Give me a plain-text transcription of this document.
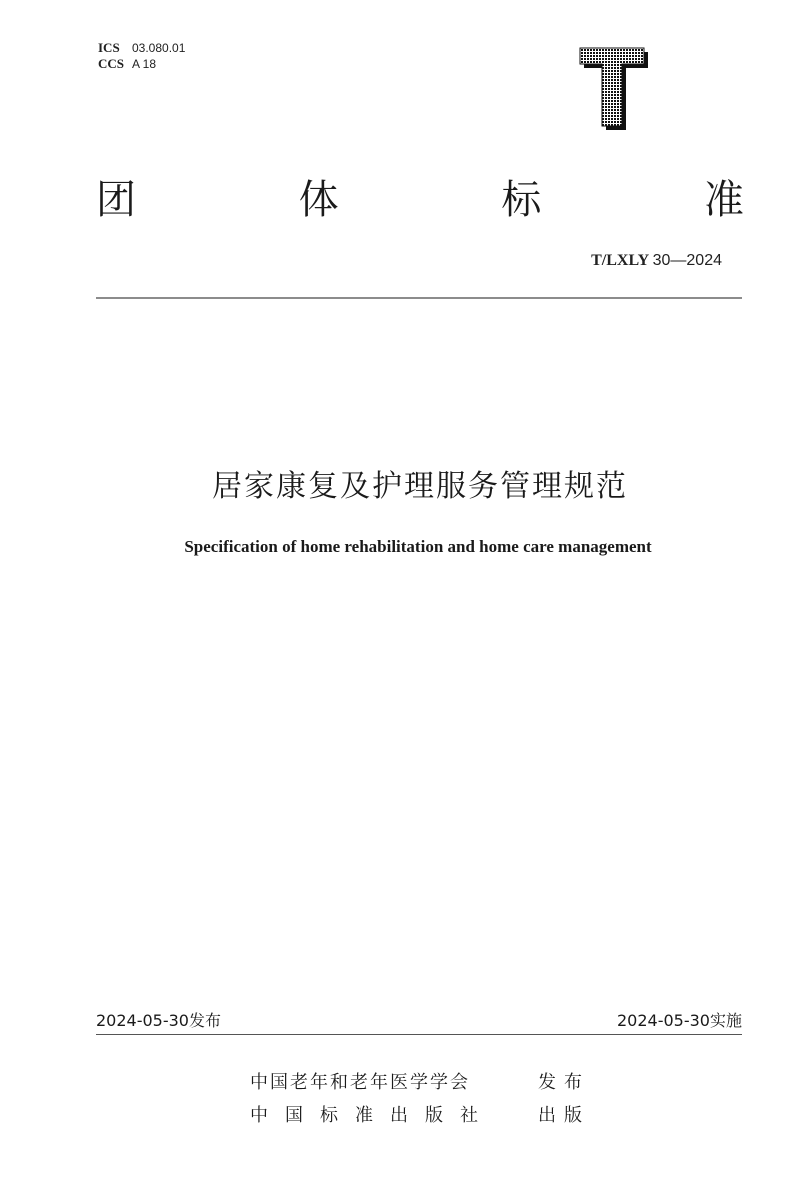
ICS 03.080.01
CCS A 18
团	体	标	准
T/LXLY 30—2024
居家康复及护理服务管理规范
Specification of home rehabilitation and home care management
2024-05-30发布	2024-05-30实施
中国老年和老年医学学会	发布
中国标准出版社 出版
